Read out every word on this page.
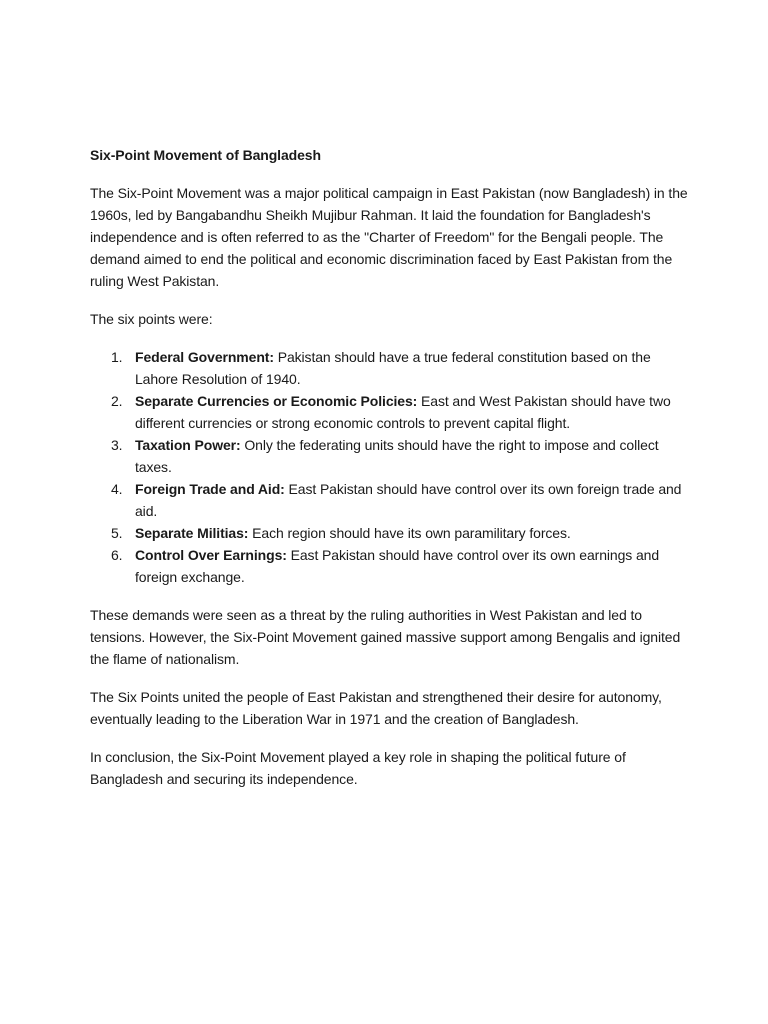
Six-Point Movement of Bangladesh

The Six-Point Movement was a major political campaign in East Pakistan (now Bangladesh) in the 1960s, led by Bangabandhu Sheikh Mujibur Rahman. It laid the foundation for Bangladesh's independence and is often referred to as the "Charter of Freedom" for the Bengali people. The demand aimed to end the political and economic discrimination faced by East Pakistan from the ruling West Pakistan.

The six points were:

1. Federal Government: Pakistan should have a true federal constitution based on the Lahore Resolution of 1940.
2. Separate Currencies or Economic Policies: East and West Pakistan should have two different currencies or strong economic controls to prevent capital flight.
3. Taxation Power: Only the federating units should have the right to impose and collect taxes.
4. Foreign Trade and Aid: East Pakistan should have control over its own foreign trade and aid.
5. Separate Militias: Each region should have its own paramilitary forces.
6. Control Over Earnings: East Pakistan should have control over its own earnings and foreign exchange.

These demands were seen as a threat by the ruling authorities in West Pakistan and led to tensions. However, the Six-Point Movement gained massive support among Bengalis and ignited the flame of nationalism.

The Six Points united the people of East Pakistan and strengthened their desire for autonomy, eventually leading to the Liberation War in 1971 and the creation of Bangladesh.

In conclusion, the Six-Point Movement played a key role in shaping the political future of Bangladesh and securing its independence.
